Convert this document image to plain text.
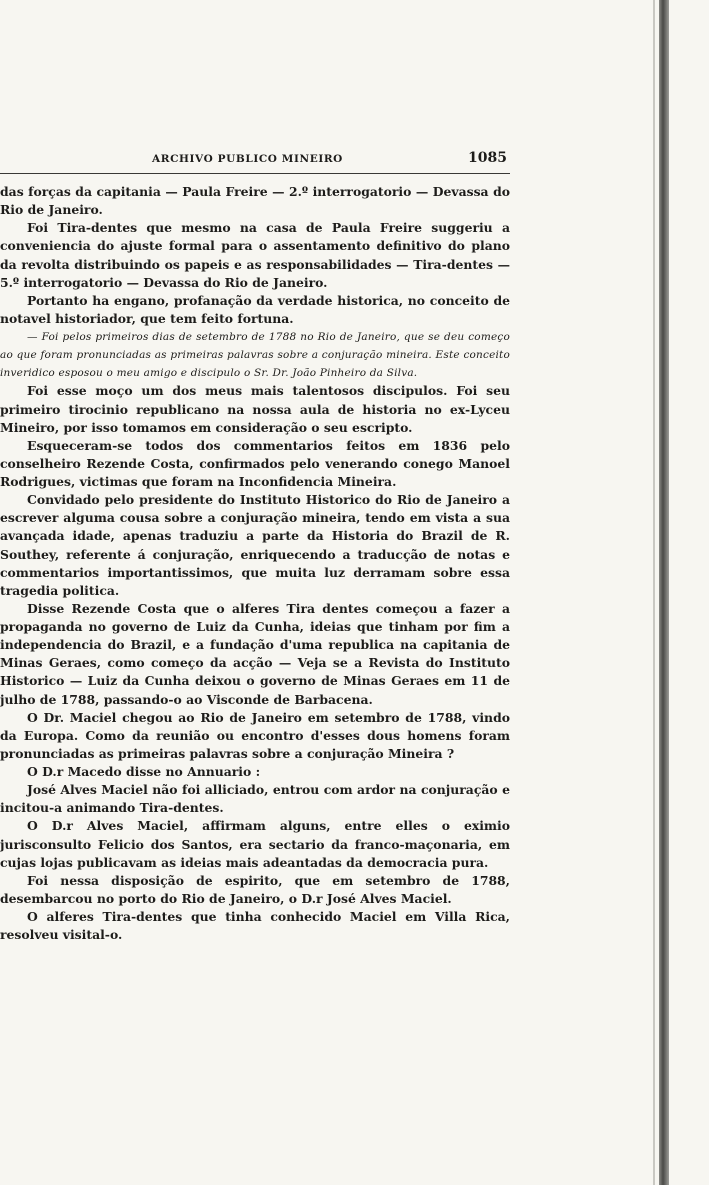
ARCHIVO PUBLICO MINEIRO	1085

das forças da capitania — Paula Freire — 2.º interrogatorio — Devassa do Rio de Janeiro.

Foi Tira-dentes que mesmo na casa de Paula Freire suggeriu a conveniencia do ajuste formal para o assentamento definitivo do plano da revolta distribuindo os papeis e as responsabilidades — Tira-dentes — 5.º interrogatorio — Devassa do Rio de Janeiro.

Portanto ha engano, profanação da verdade historica, no conceito de notavel historiador, que tem feito fortuna.

— Foi pelos primeiros dias de setembro de 1788 no Rio de Janeiro, que se deu começo ao que foram pronunciadas as primeiras palavras sobre a conjuração mineira. Este conceito inveridico esposou o meu amigo e discipulo o Sr. Dr. João Pinheiro da Silva.

Foi esse moço um dos meus mais talentosos discipulos. Foi seu primeiro tirocinio republicano na nossa aula de historia no ex-Lyceu Mineiro, por isso tomamos em consideração o seu escripto.

Esqueceram-se todos dos commentarios feitos em 1836 pelo conselheiro Rezende Costa, confirmados pelo venerando conego Manoel Rodrigues, victimas que foram na Inconfidencia Mineira.

Convidado pelo presidente do Instituto Historico do Rio de Janeiro a escrever alguma cousa sobre a conjuração mineira, tendo em vista a sua avançada idade, apenas traduziu a parte da Historia do Brazil de R. Southey, referente á conjuração, enriquecendo a traducção de notas e commentarios importantissimos, que muita luz derramam sobre essa tragedia politica.

Disse Rezende Costa que o alferes Tira dentes começou a fazer a propaganda no governo de Luiz da Cunha, ideias que tinham por fim a independencia do Brazil, e a fundação d'uma republica na capitania de Minas Geraes, como começo da acção — Veja se a Revista do Instituto Historico — Luiz da Cunha deixou o governo de Minas Geraes em 11 de julho de 1788, passando-o ao Visconde de Barbacena.

O Dr. Maciel chegou ao Rio de Janeiro em setembro de 1788, vindo da Europa. Como da reunião ou encontro d'esses dous homens foram pronunciadas as primeiras palavras sobre a conjuração Mineira ?

O D.r Macedo disse no Annuario :

José Alves Maciel não foi alliciado, entrou com ardor na conjuração e incitou-a animando Tira-dentes.

O D.r Alves Maciel, affirmam alguns, entre elles o eximio jurisconsulto Felicio dos Santos, era sectario da franco-maçonaria, em cujas lojas publicavam as ideias mais adeantadas da democracia pura.

Foi nessa disposição de espirito, que em setembro de 1788, desembarcou no porto do Rio de Janeiro, o D.r José Alves Maciel.

O alferes Tira-dentes que tinha conhecido Maciel em Villa Rica, resolveu visital-o.
